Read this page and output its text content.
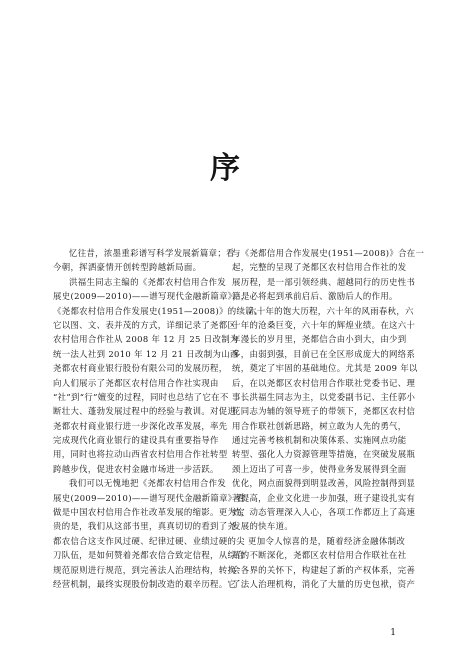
序
忆往昔，浓墨重彩谱写科学发展新篇章；看
今朝，挥洒豪情开创转型跨越新局面。
洪福生同志主编的《尧都农村信用合作发
展史(2009—2010)——谱写现代金融新篇章》，是
《尧都农村信用合作发展史(1951—2008)》的续篇。
它以图、文、表并茂的方式，详细记录了尧都区
农村信用合作社从 2008 年 12 月 25 日改制为
统一法人社到 2010 年 12 月 21 日改制为山西
尧都农村商业银行股份有限公司的发展历程，
向人们展示了尧都区农村信用合作社实现由
“社”到“行”嬗变的过程，同时也总结了它在不
断壮大、蓬勃发展过程中的经验与教训。对促进
尧都农村商业银行进一步深化改革发展，率先
完成现代化商业银行的建设具有重要指导作
用，同时也将拉动山西省农村信用合作社转型
跨越步伐，促进农村金融市场进一步活跃。
我们可以无愧地把《尧都农村信用合作发
展史(2009—2010)——谱写现代金融新篇章》看
做是中国农村信用合作社改革发展的缩影。更为宝
贵的是，我们从这部书里，真真切切的看到了尧
都农信合这支作风过硬、纪律过硬、业绩过硬的尖
刀队伍，是如何赞着尧都农信合致定信程，从综合
规范原则进行规范，到完善法人治理结构，转换
经营机制，最终实现股份制改造的艰辛历程。它
与《尧都信用合作发展史(1951—2008)》合在一
起，完整的呈现了尧都区农村信用合作社的发
展历程，是一部引领经典、超越同行的历史性书
籍，必将起到承前启后、激励后人的作用。
六十年的饱大历程，六十年的风雨春秋，六
十年的沧桑巨变，六十年的辉煌业绩。在这六十
年漫长的岁月里，尧都信合由小到大，由少到
多，由弱到强，目前已在全区形成庞大的网络系
统，奠定了牢固的基础地位。尤其是 2009 年以
后，在以尧都区农村信用合作联社党委书记、理
事长洪福生同志为主，以党委副书记、主任郭小
花同志为辅的领导班子的带领下，尧都区农村信
用合作联社创新思路，树立敢为人先的勇气，
通过完善考核机制和决策体系、实施网点功能
转型、强化人力资源管理等措施，在突破发展瓶
颈上迈出了可喜一步，使得业务发展得到全面
优化，网点面貌得到明显改善，风险控制得到显
著提高，企业文化进一步加强，班子建设扎实有
效，动态管理深入人心，各项工作都迈上了高速
发展的快车道。
更加令人惊喜的是，随着经济金融体制改
革的不断深化，尧都区农村信用合作联社在社
会各界的关怀下，构建起了新的产权体系，完善
了法人治理机构，消化了大量的历史包袱，资产
1
